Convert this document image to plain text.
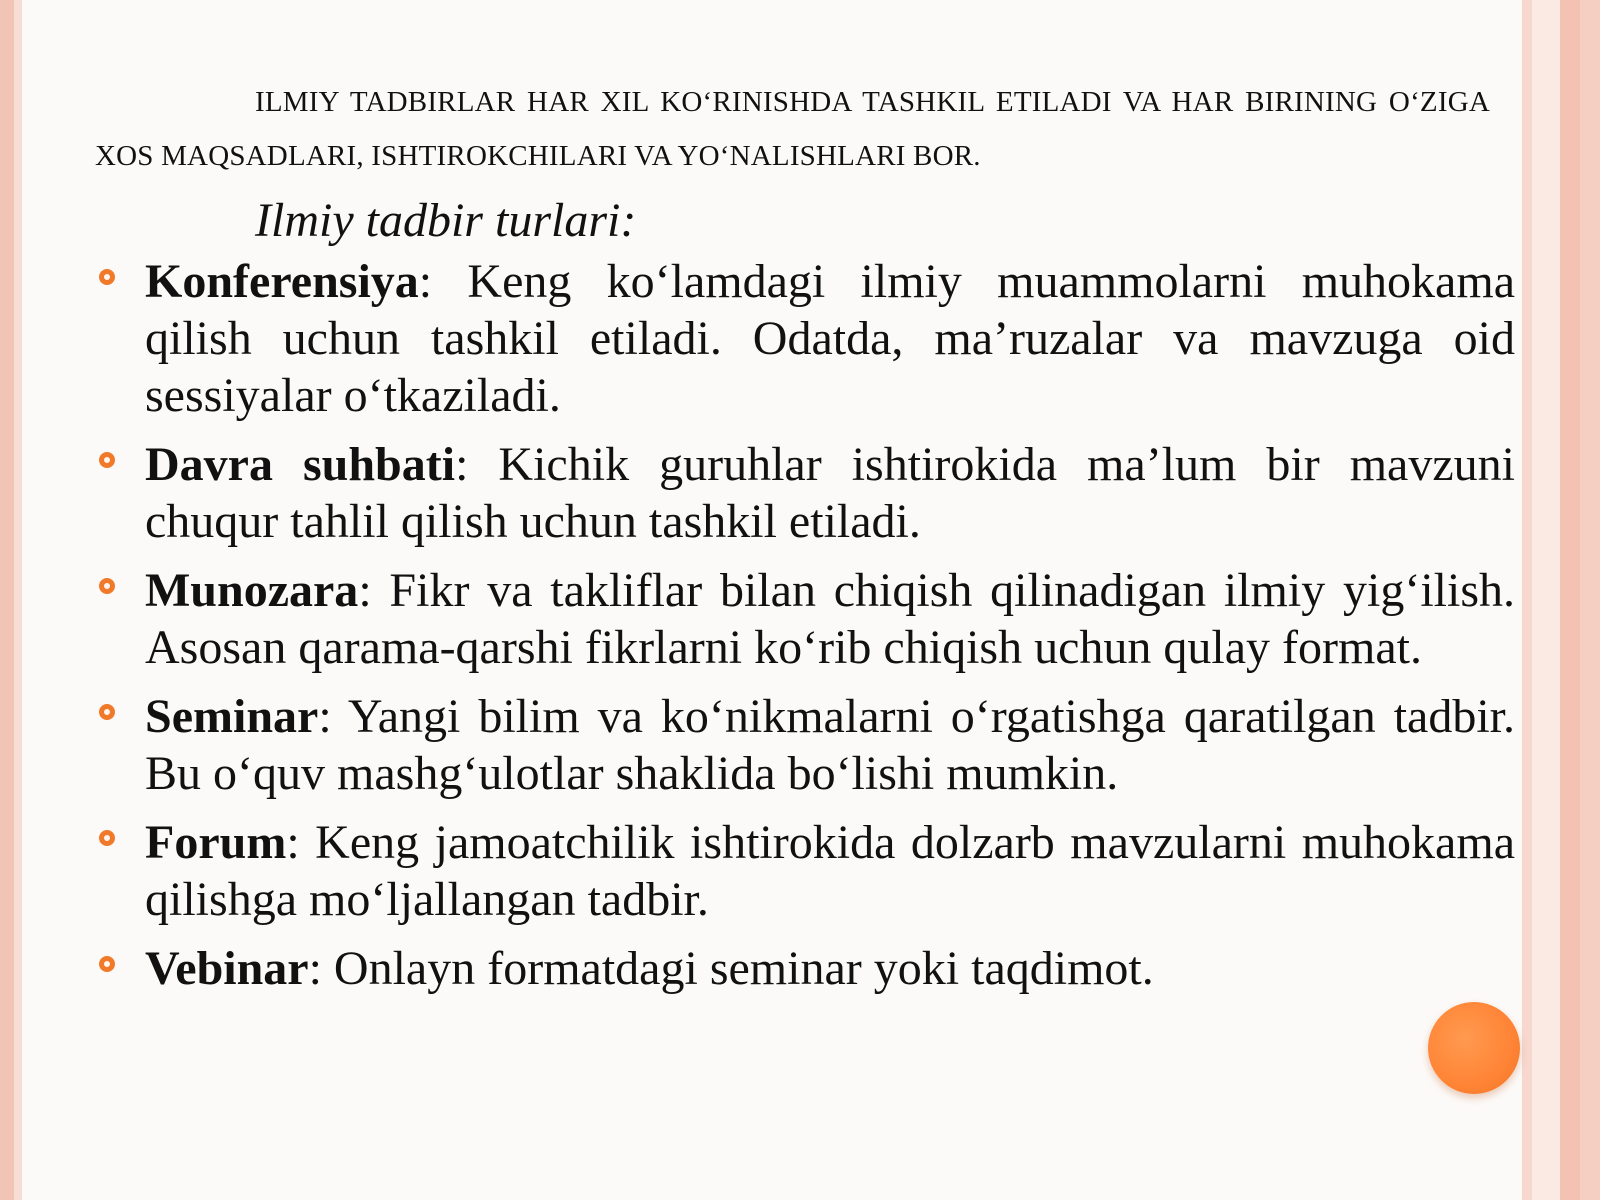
ILMIY TADBIRLAR HAR XIL KO‘RINISHDA TASHKIL ETILADI VA HAR BIRINING O‘ZIGA XOS MAQSADLARI, ISHTIROKCHILARI VA YO‘NALISHLARI BOR.

Ilmiy tadbir turlari:
Konferensiya: Keng ko‘lamdagi ilmiy muammolarni muhokama qilish uchun tashkil etiladi. Odatda, ma’ruzalar va mavzuga oid sessiyalar o‘tkaziladi.
Davra suhbati: Kichik guruhlar ishtirokida ma’lum bir mavzuni chuqur tahlil qilish uchun tashkil etiladi.
Munozara: Fikr va takliflar bilan chiqish qilinadigan ilmiy yig‘ilish. Asosan qarama-qarshi fikrlarni ko‘rib chiqish uchun qulay format.
Seminar: Yangi bilim va ko‘nikmalarni o‘rgatishga qaratilgan tadbir. Bu o‘quv mashg‘ulotlar shaklida bo‘lishi mumkin.
Forum: Keng jamoatchilik ishtirokida dolzarb mavzularni muhokama qilishga mo‘ljallangan tadbir.
Vebinar: Onlayn formatdagi seminar yoki taqdimot.
